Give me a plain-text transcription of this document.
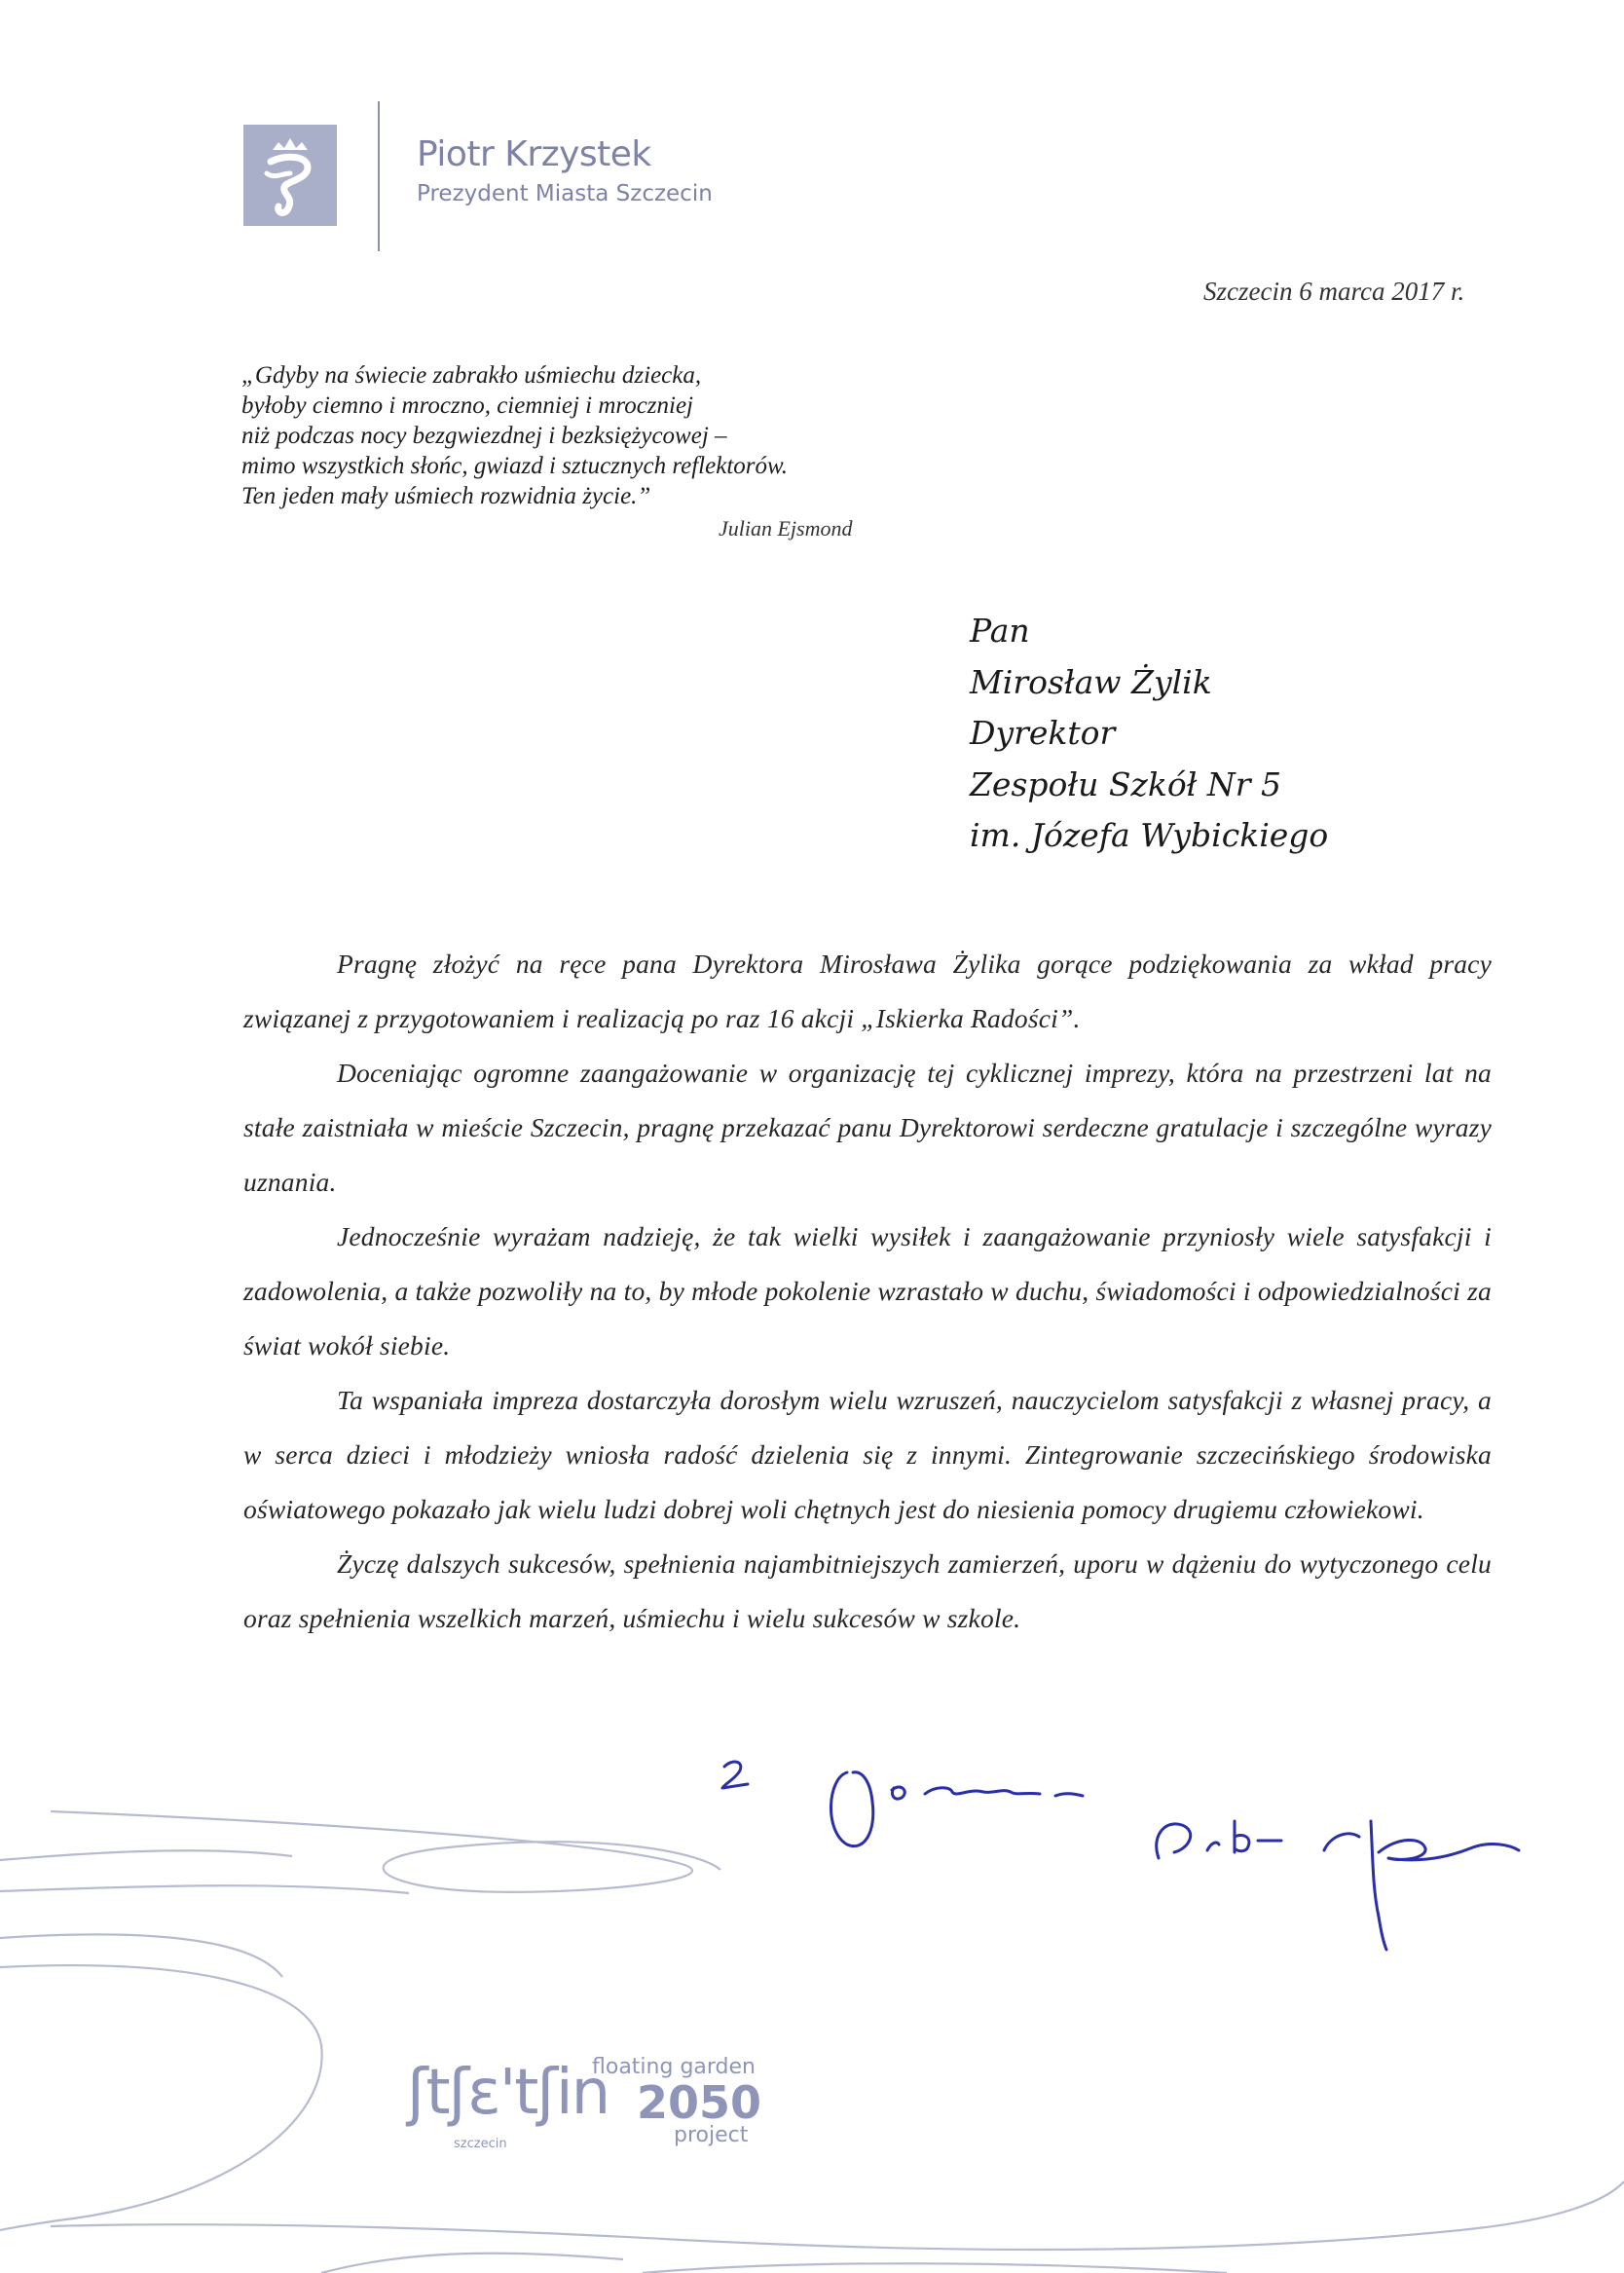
Piotr Krzystek
Prezydent Miasta Szczecin
Szczecin 6 marca 2017 r.
„Gdyby na świecie zabrakło uśmiechu dziecka,
byłoby ciemno i mroczno, ciemniej i mroczniej
niż podczas nocy bezgwiezdnej i bezksiężycowej –
mimo wszystkich słońc, gwiazd i sztucznych reflektorów.
Ten jeden mały uśmiech rozwidnia życie.”
Julian Ejsmond
Pan
Mirosław Żylik
Dyrektor
Zespołu Szkół Nr 5
im. Józefa Wybickiego

Pragnę złożyć na ręce pana Dyrektora Mirosława Żylika gorące podziękowania za wkład pracy związanej z przygotowaniem i realizacją po raz 16 akcji „Iskierka Radości”.

Doceniając ogromne zaangażowanie w organizację tej cyklicznej imprezy, która na przestrzeni lat na stałe zaistniała w mieście Szczecin, pragnę przekazać panu Dyrektorowi serdeczne gratulacje i szczególne wyrazy uznania.

Jednocześnie wyrażam nadzieję, że tak wielki wysiłek i zaangażowanie przyniosły wiele satysfakcji i zadowolenia, a także pozwoliły na to, by młode pokolenie wzrastało w duchu, świadomości i odpowiedzialności za świat wokół siebie.

Ta wspaniała impreza dostarczyła dorosłym wielu wzruszeń, nauczycielom satysfakcji z własnej pracy, a w serca dzieci i młodzieży wniosła radość dzielenia się z innymi. Zintegrowanie szczecińskiego środowiska oświatowego pokazało jak wielu ludzi dobrej woli chętnych jest do niesienia pomocy drugiemu człowiekowi.

Życzę dalszych sukcesów, spełnienia najambitniejszych zamierzeń, uporu w dążeniu do wytyczonego celu oraz spełnienia wszelkich marzeń, uśmiechu i wielu sukcesów w szkole.

floating garden
ʃtʃɛ'tʃin 2050
project
szczecin
